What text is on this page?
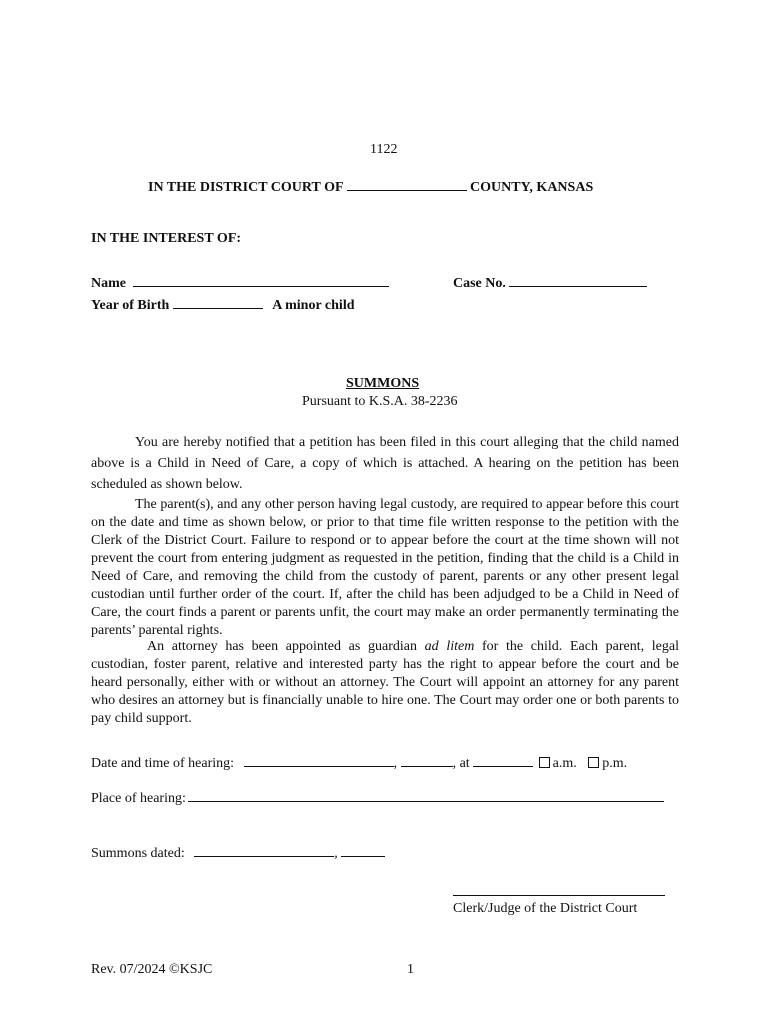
1122
IN THE DISTRICT COURT OF	COUNTY, KANSAS
IN THE INTEREST OF:
Name	Case No.
Year of Birth	A minor child
SUMMONS
Pursuant to K.S.A. 38-2236
You are hereby notified that a petition has been filed in this court alleging that the child named above is a Child in Need of Care, a copy of which is attached. A hearing on the petition has been scheduled as shown below.
The parent(s), and any other person having legal custody, are required to appear before this court on the date and time as shown below, or prior to that time file written response to the petition with the Clerk of the District Court. Failure to respond or to appear before the court at the time shown will not prevent the court from entering judgment as requested in the petition, finding that the child is a Child in Need of Care, and removing the child from the custody of parent, parents or any other present legal custodian until further order of the court. If, after the child has been adjudged to be a Child in Need of Care, the court finds a parent or parents unfit, the court may make an order permanently terminating the parents’ parental rights.
An attorney has been appointed as guardian ad litem for the child. Each parent, legal custodian, foster parent, relative and interested party has the right to appear before the court and be heard personally, either with or without an attorney. The Court will appoint an attorney for any parent who desires an attorney but is financially unable to hire one. The Court may order one or both parents to pay child support.
Date and time of hearing:	,	, at	a.m. p.m.
Place of hearing:
Summons dated:	,
Clerk/Judge of the District Court
Rev. 07/2024 ©KSJC	1
